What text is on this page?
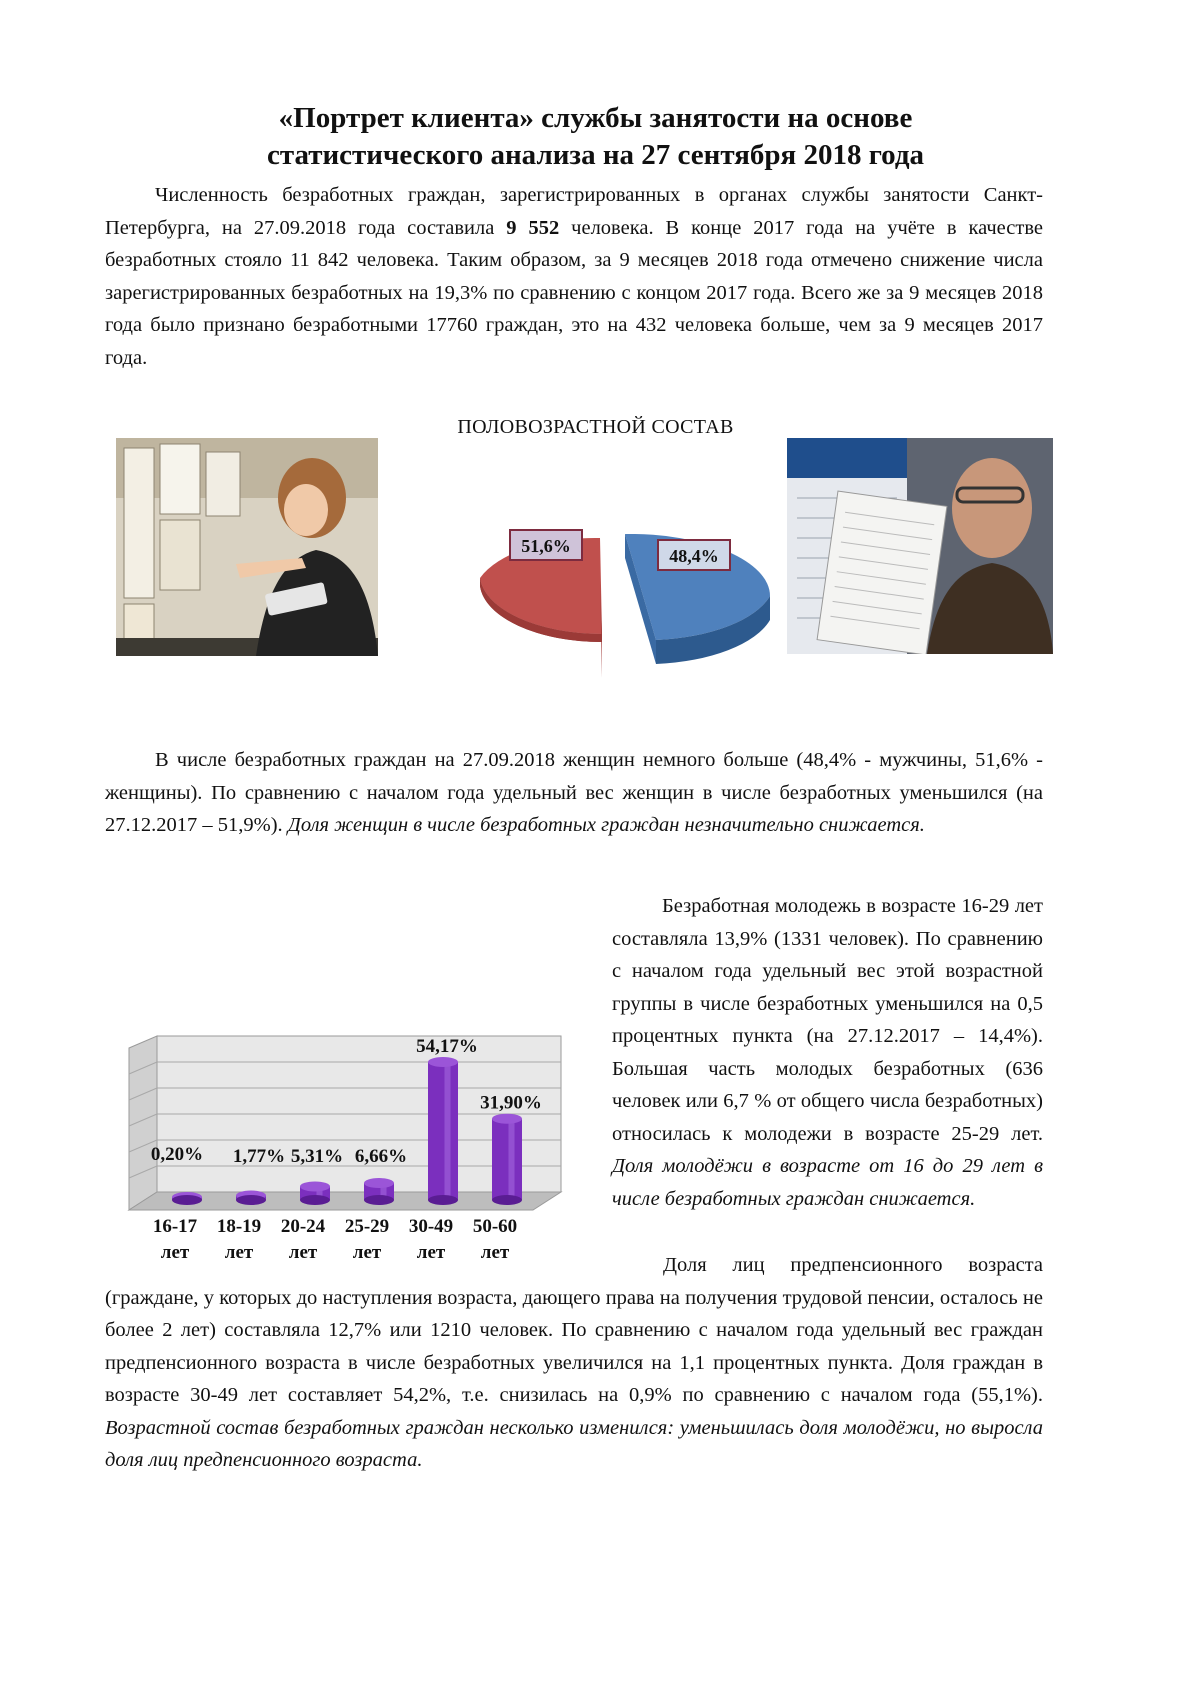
«Портрет клиента» службы занятости на основе
статистического анализа на 27 сентября 2018 года

Численность безработных граждан, зарегистрированных в органах службы занятости Санкт-Петербурга, на 27.09.2018 года составила 9 552 человека. В конце 2017 года на учёте в качестве безработных стояло 11 842 человека. Таким образом, за 9 месяцев 2018 года отмечено снижение числа зарегистрированных безработных на 19,3% по сравнению с концом 2017 года. Всего же за 9 месяцев 2018 года было признано безработными 17760 граждан, это на 432 человека больше, чем за 9 месяцев 2017 года.

ПОЛОВОЗРАСТНОЙ СОСТАВ
51,6%	48,4%

В числе безработных граждан на 27.09.2018 женщин немного больше (48,4% - мужчины, 51,6% - женщины). По сравнению с началом года удельный вес женщин в числе безработных уменьшился (на 27.12.2017 – 51,9%). Доля женщин в числе безработных граждан незначительно снижается.

0,20% 1,77% 5,31% 6,66%
54,17%
31,90%
16-17
лет
18-19
лет
20-24
лет
25-29
лет
30-49
лет
50-60
лет

Безработная молодежь в возрасте 16-29 лет составляла 13,9% (1331 человек). По сравнению с началом года удельный вес этой возрастной группы в числе безработных уменьшился на 0,5 процентных пункта (на 27.12.2017 – 14,4%). Большая часть молодых безработных (636 человек или 6,7 % от общего числа безработных) относилась к молодежи в возрасте 25-29 лет. Доля молодёжи в возрасте от 16 до 29 лет в числе безработных граждан снижается.

Доля лиц предпенсионного возраста (граждане, у которых до наступления возраста, дающего права на получения трудовой пенсии, осталось не более 2 лет) составляла 12,7% или 1210 человек. По сравнению с началом года удельный вес граждан предпенсионного возраста в числе безработных увеличился на 1,1 процентных пункта. Доля граждан в возрасте 30-49 лет составляет 54,2%, т.е. снизилась на 0,9% по сравнению с началом года (55,1%). Возрастной состав безработных граждан несколько изменился: уменьшилась доля молодёжи, но выросла доля лиц предпенсионного возраста.
